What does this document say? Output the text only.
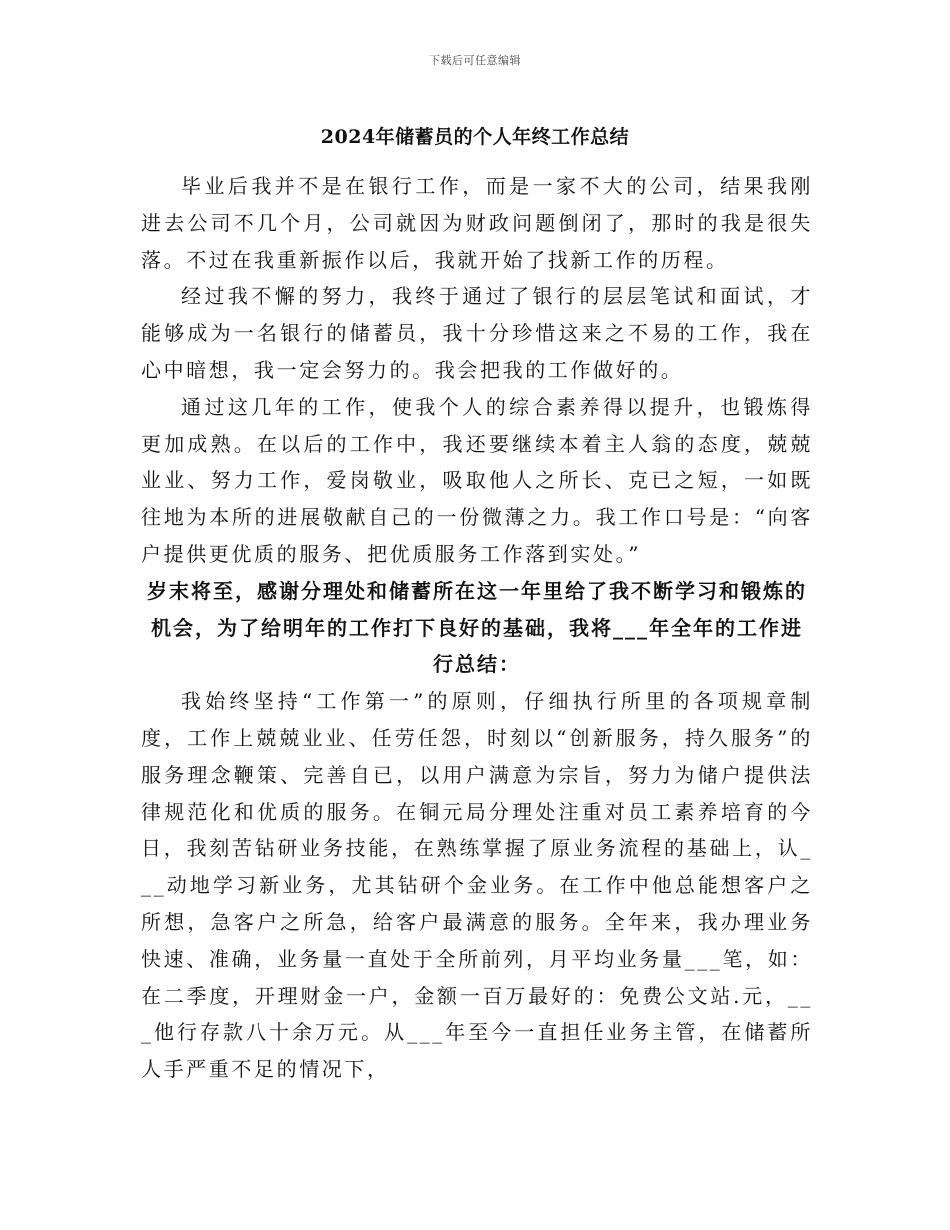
下载后可任意编辑
2024年储蓄员的个人年终工作总结

毕业后我并不是在银行工作，而是一家不大的公司，结果我刚进去公司不几个月，公司就因为财政问题倒闭了，那时的我是很失落。不过在我重新振作以后，我就开始了找新工作的历程。

经过我不懈的努力，我终于通过了银行的层层笔试和面试，才能够成为一名银行的储蓄员，我十分珍惜这来之不易的工作，我在心中暗想，我一定会努力的。我会把我的工作做好的。

通过这几年的工作，使我个人的综合素养得以提升，也锻炼得更加成熟。在以后的工作中，我还要继续本着主人翁的态度，兢兢业业、努力工作，爱岗敬业，吸取他人之所长、克已之短，一如既往地为本所的进展敬献自己的一份微薄之力。我工作口号是：“向客户提供更优质的服务、把优质服务工作落到实处。”

岁末将至，感谢分理处和储蓄所在这一年里给了我不断学习和锻炼的机会，为了给明年的工作打下良好的基础，我将___年全年的工作进行总结：

我始终坚持“工作第一”的原则，仔细执行所里的各项规章制度，工作上兢兢业业、任劳任怨，时刻以“创新服务，持久服务”的服务理念鞭策、完善自已，以用户满意为宗旨，努力为储户提供法律规范化和优质的服务。在铜元局分理处注重对员工素养培育的今日，我刻苦钻研业务技能，在熟练掌握了原业务流程的基础上，认___动地学习新业务，尤其钻研个金业务。在工作中他总能想客户之所想，急客户之所急，给客户最满意的服务。全年来，我办理业务快速、准确，业务量一直处于全所前列，月平均业务量___笔，如：在二季度，开理财金一户，金额一百万最好的：免费公文站.元，___他行存款八十余万元。从___年至今一直担任业务主管，在储蓄所人手严重不足的情况下，
